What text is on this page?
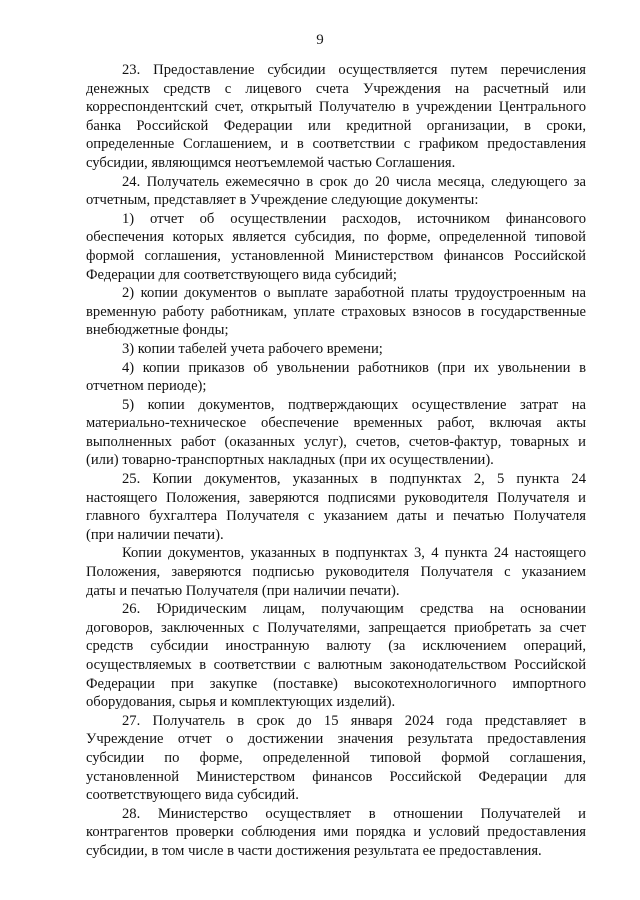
9
23. Предоставление субсидии осуществляется путем перечисления
денежных средств с лицевого счета Учреждения на расчетный или
корреспондентский счет, открытый Получателю в учреждении Центрального
банка Российской Федерации или кредитной организации, в сроки,
определенные Соглашением, и в соответствии с графиком предоставления
субсидии, являющимся неотъемлемой частью Соглашения.
24. Получатель ежемесячно в срок до 20 числа месяца, следующего за
отчетным, представляет в Учреждение следующие документы:
1) отчет об осуществлении расходов, источником финансового
обеспечения которых является субсидия, по форме, определенной типовой
формой соглашения, установленной Министерством финансов Российской
Федерации для соответствующего вида субсидий;
2) копии документов о выплате заработной платы трудоустроенным на
временную работу работникам, уплате страховых взносов в государственные
внебюджетные фонды;
3) копии табелей учета рабочего времени;
4) копии приказов об увольнении работников (при их увольнении в
отчетном периоде);
5) копии документов, подтверждающих осуществление затрат на
материально-техническое обеспечение временных работ, включая акты
выполненных работ (оказанных услуг), счетов, счетов-фактур, товарных и
(или) товарно-транспортных накладных (при их осуществлении).
25. Копии документов, указанных в подпунктах 2, 5 пункта 24
настоящего Положения, заверяются подписями руководителя Получателя и
главного бухгалтера Получателя с указанием даты и печатью Получателя
(при наличии печати).
Копии документов, указанных в подпунктах 3, 4 пункта 24 настоящего
Положения, заверяются подписью руководителя Получателя с указанием
даты и печатью Получателя (при наличии печати).
26. Юридическим лицам, получающим средства на основании
договоров, заключенных с Получателями, запрещается приобретать за счет
средств субсидии иностранную валюту (за исключением операций,
осуществляемых в соответствии с валютным законодательством Российской
Федерации при закупке (поставке) высокотехнологичного импортного
оборудования, сырья и комплектующих изделий).
27. Получатель в срок до 15 января 2024 года представляет в
Учреждение отчет о достижении значения результата предоставления
субсидии по форме, определенной типовой формой соглашения,
установленной Министерством финансов Российской Федерации для
соответствующего вида субсидий.
28. Министерство осуществляет в отношении Получателей и
контрагентов проверки соблюдения ими порядка и условий предоставления
субсидии, в том числе в части достижения результата ее предоставления.
